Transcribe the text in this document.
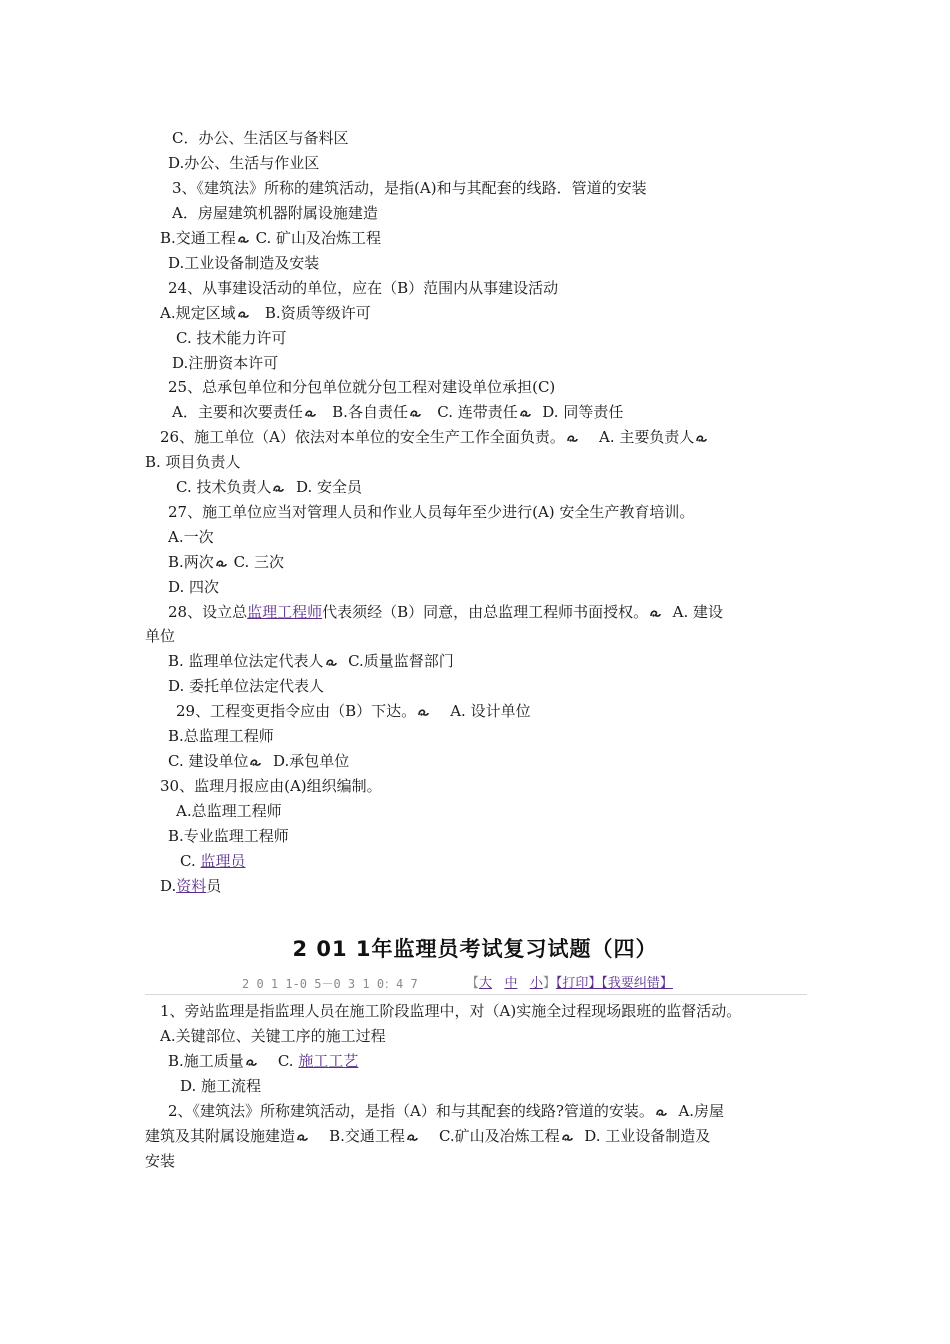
C．办公、生活区与备料区
D.办公、生活与作业区
3、《建筑法》所称的建筑活动，是指(A)和与其配套的线路．管道的安装
A．房屋建筑机器附属设施建造
B.交通工程
C. 矿山及冶炼工程
D.工业设备制造及安装
24、从事建设活动的单位，应在（B）范围内从事建设活动
A.规定区域
B.资质等级许可
C. 技术能力许可
D.注册资本许可
25、总承包单位和分包单位就分包工程对建设单位承担(C)
A．主要和次要责任
B.各自责任
C. 连带责任
D. 同等责任
26、施工单位（A）依法对本单位的安全生产工作全面负责。
A. 主要负责人
B. 项目负责人
C. 技术负责人
D. 安全员
27、施工单位应当对管理人员和作业人员每年至少进行(A) 安全生产教育培训。
A.一次
B.两次
C. 三次
D. 四次
28、设立总监理工程师代表须经（B）同意，由总监理工程师书面授权。
A. 建设
单位
B. 监理单位法定代表人
C.质量监督部门
D. 委托单位法定代表人
29、工程变更指令应由（B）下达。
A. 设计单位
B.总监理工程师
C. 建设单位
D.承包单位
30、监理月报应由(A)组织编制。
A.总监理工程师
B.专业监理工程师
C. 监理员
D.资料员
2 01 1年监理员考试复习试题（四）
2 0 1 1-0 5－0 3 1 0：4 7	【大 中 小】【打印】【我要纠错】
1、旁站监理是指监理人员在施工阶段监理中，对（A)实施全过程现场跟班的监督活动。
A.关键部位、关键工序的施工过程
B.施工质量
C. 施工工艺
D. 施工流程
2、《建筑法》所称建筑活动，是指（A）和与其配套的线路?管道的安装。
A.房屋
建筑及其附属设施建造
B.交通工程
C.矿山及冶炼工程
D. 工业设备制造及
安装
